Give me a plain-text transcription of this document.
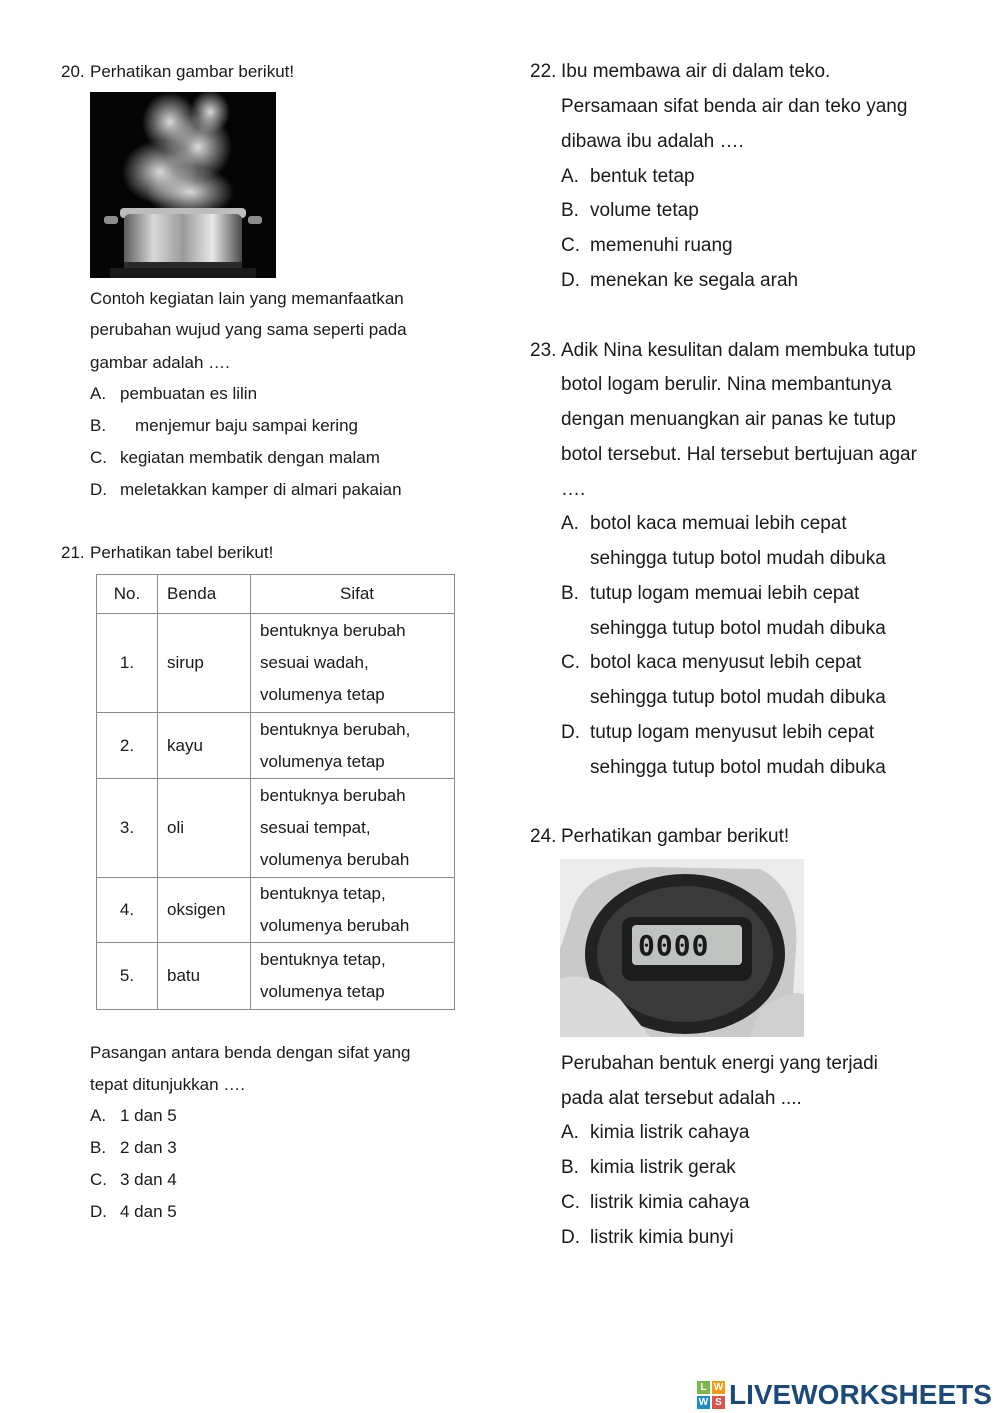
20. Perhatikan gambar berikut!
Contoh kegiatan lain yang memanfaatkan
perubahan wujud yang sama seperti pada
gambar adalah ….
A. pembuatan es lilin
B. menjemur baju sampai kering
C. kegiatan membatik dengan malam
D. meletakkan kamper di almari pakaian
21. Perhatikan tabel berikut!
No.	Benda	Sifat
1.	sirup	bentuknya berubah
sesuai wadah,
volumenya tetap

2.	kayu	bentuknya berubah,
volumenya tetap

3.	oli	bentuknya berubah
sesuai tempat,
volumenya berubah

4.	oksigen	bentuknya tetap,
volumenya berubah

5.	batu	bentuknya tetap,
volumenya tetap
Pasangan antara benda dengan sifat yang
tepat ditunjukkan ….
A. 1 dan 5
B. 2 dan 3
C. 3 dan 4
D. 4 dan 5
22. Ibu membawa air di dalam teko.
Persamaan sifat benda air dan teko yang
dibawa ibu adalah ….
A. bentuk tetap
B. volume tetap
C. memenuhi ruang
D. menekan ke segala arah
23. Adik Nina kesulitan dalam membuka tutup
botol logam berulir. Nina membantunya
dengan menuangkan air panas ke tutup
botol tersebut. Hal tersebut bertujuan agar
….
A. botol kaca memuai lebih cepat
sehingga tutup botol mudah dibuka
B. tutup logam memuai lebih cepat
sehingga tutup botol mudah dibuka
C. botol kaca menyusut lebih cepat
sehingga tutup botol mudah dibuka
D. tutup logam menyusut lebih cepat
sehingga tutup botol mudah dibuka
24. Perhatikan gambar berikut!
0000
Perubahan bentuk energi yang terjadi
pada alat tersebut adalah ....
A. kimia listrik cahaya
B. kimia listrik gerak
C. listrik kimia cahaya
D. listrik kimia bunyi
L W
W S LIVEWORKSHEETS
